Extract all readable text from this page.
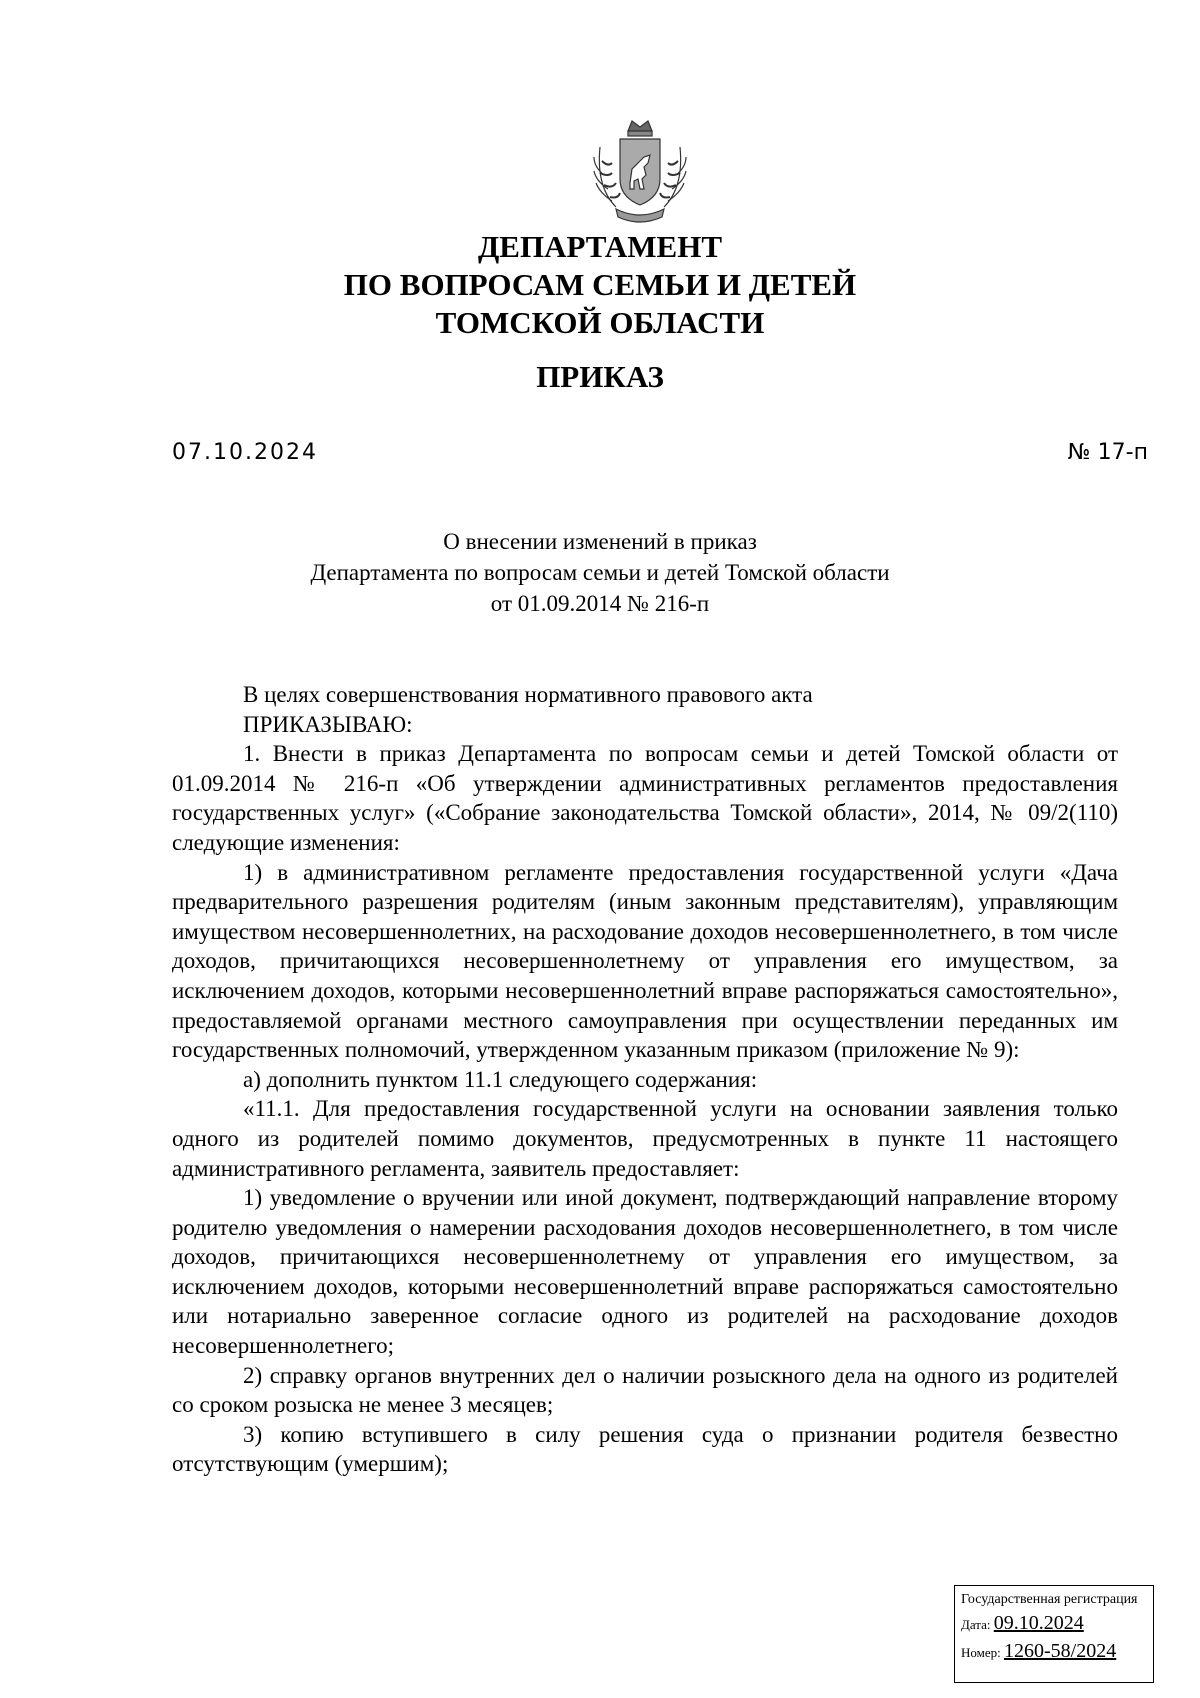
ДЕПАРТАМЕНТ
ПО ВОПРОСАМ СЕМЬИ И ДЕТЕЙ
ТОМСКОЙ ОБЛАСТИ
ПРИКАЗ
07.10.2024	№ 17-п
О внесении изменений в приказ
Департамента по вопросам семьи и детей Томской области
от 01.09.2014 № 216-п

В целях совершенствования нормативного правового акта

ПРИКАЗЫВАЮ:

1. Внести в приказ Департамента по вопросам семьи и детей Томской области от 01.09.2014 № 216-п «Об утверждении административных регламентов предоставления государственных услуг» («Собрание законодательства Томской области», 2014, № 09/2(110) следующие изменения:

1) в административном регламенте предоставления государственной услуги «Дача предварительного разрешения родителям (иным законным представителям), управляющим имуществом несовершеннолетних, на расходование доходов несовершеннолетнего, в том числе доходов, причитающихся несовершеннолетнему от управления его имуществом, за исключением доходов, которыми несовершеннолетний вправе распоряжаться самостоятельно», предоставляемой органами местного самоуправления при осуществлении переданных им государственных полномочий, утвержденном указанным приказом (приложение № 9):

а) дополнить пунктом 11.1 следующего содержания:

«11.1. Для предоставления государственной услуги на основании заявления только одного из родителей помимо документов, предусмотренных в пункте 11 настоящего административного регламента, заявитель предоставляет:

1) уведомление о вручении или иной документ, подтверждающий направление второму родителю уведомления о намерении расходования доходов несовершеннолетнего, в том числе доходов, причитающихся несовершеннолетнему от управления его имуществом, за исключением доходов, которыми несовершеннолетний вправе распоряжаться самостоятельно или нотариально заверенное согласие одного из родителей на расходование доходов несовершеннолетнего;

2) справку органов внутренних дел о наличии розыскного дела на одного из родителей со сроком розыска не менее 3 месяцев;

3) копию вступившего в силу решения суда о признании родителя безвестно отсутствующим (умершим);

Государственная регистрация
Дата: 09.10.2024
Номер: 1260-58/2024
